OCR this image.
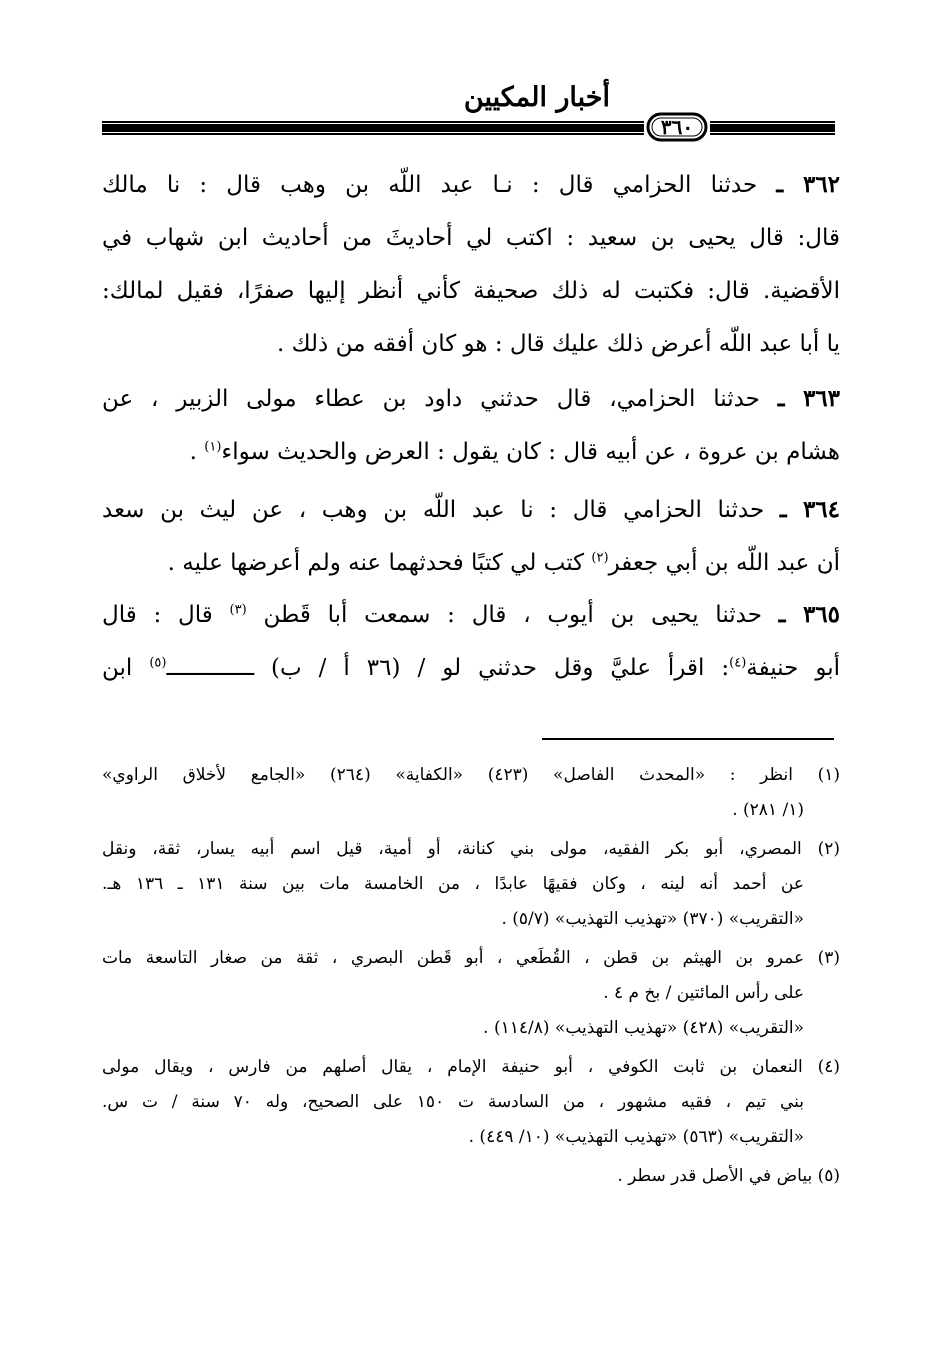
أخبار المكيين
٣٦٠
٣٦٢ ـ حدثنا الحزامي قال : نـا عبد اللّه بن وهب قال : نا مالك
قال: قال يحيى بن سعيد : اكتب لي أحاديثَ من أحاديث ابن شهاب في
الأقضية. قال: فكتبت له ذلك صحيفة كأني أنظر إليها صفرًا، فقيل لمالك:
يا أبا عبد اللّه أعرض ذلك عليك قال : هو كان أفقه من ذلك .
٣٦٣ ـ حدثنا الحزامي، قال حدثني داود بن عطاء مولى الزبير ، عن
هشام بن عروة ، عن أبيه قال : كان يقول : العرض والحديث سواء$^{(١)}$ .
٣٦٤ ـ حدثنا الحزامي قال : نا عبد اللّه بن وهب ، عن ليث بن سعد
أن عبد اللّه بن أبي جعفر$^{(٢)}$ كتب لي كتبًا فحدثهما عنه ولم أعرضها عليه .
٣٦٥ ـ حدثنا يحيى بن أيوب ، قال : سمعت أبا قَطن $^{(٣)}$ قال : قال
أبو حنيفة$^{(٤)}$: اقرأ عليَّ وقل حدثني لو / (٣٦ أ / ب) ـــــــــــــ$^{(٥)}$ ابن
(١) انظر : «المحدث الفاصل» (٤٢٣) «الكفاية» (٢٦٤) «الجامع لأخلاق الراوي»
(١/ ٢٨١) .
(٢) المصري، أبو بكر الفقيه، مولى بني كنانة، أو أمية، قيل اسم أبيه يسار، ثقة، ونقل
عن أحمد أنه لينه ، وكان فقيهًا عابدًا ، من الخامسة مات بين سنة ١٣١ ـ ١٣٦ هـ.
«التقريب» (٣٧٠) «تهذيب التهذيب» (٥/٧) .
(٣) عمرو بن الهيثم بن قطن ، القُطَعي ، أبو قَطن البصري ، ثقة من صغار التاسعة مات
على رأس المائتين / بخ م ٤ .
«التقريب» (٤٢٨) «تهذيب التهذيب» (١١٤/٨) .
(٤) النعمان بن ثابت الكوفي ، أبو حنيفة الإمام ، يقال أصلهم من فارس ، ويقال مولى
بني تيم ، فقيه مشهور ، من السادسة ت ١٥٠ على الصحيح، وله ٧٠ سنة / ت س.
«التقريب» (٥٦٣) «تهذيب التهذيب» (١٠/ ٤٤٩) .
(٥) بياض في الأصل قدر سطر .
